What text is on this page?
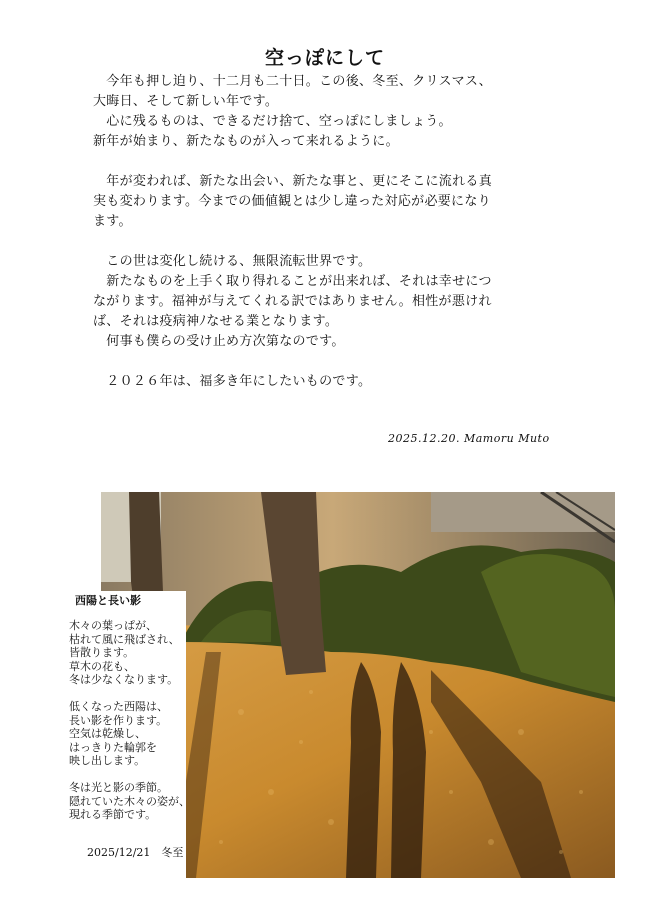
空っぽにして

　今年も押し迫り、十二月も二十日。この後、冬至、クリスマス、
大晦日、そして新しい年です。
　心に残るものは、できるだけ捨て、空っぽにしましょう。
新年が始まり、新たなものが入って来れるように。

　年が変われば、新たな出会い、新たな事と、更にそこに流れる真
実も変わります。今までの価値観とは少し違った対応が必要になり
ます。

　この世は変化し続ける、無限流転世界です。
　新たなものを上手く取り得れることが出来れば、それは幸せにつ
ながります。福神が与えてくれる訳ではありません。相性が悪けれ
ば、それは疫病神ﾉなせる業となります。
　何事も僕らの受け止め方次第なのです。

　２０２６年は、福多き年にしたいものです。

2025.12.20. Mamoru Muto
西陽と長い影
木々の葉っぱが、
枯れて風に飛ばされ、
皆散ります。
草木の花も、
冬は少なくなります。
低くなった西陽は、
長い影を作ります。
空気は乾燥し、
はっきりた輪郭を
映し出します。
冬は光と影の季節。
隠れていた木々の姿が、
現れる季節です。
2025/12/21　冬至
